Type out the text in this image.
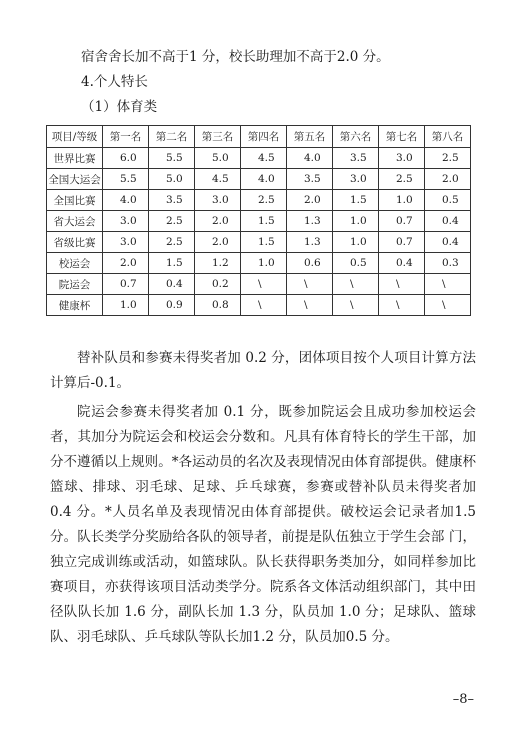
宿舍舍长加不高于1 分，校长助理加不高于2.0 分。
4.个人特长
（1）体育类
项目/等级	第一名	第二名	第三名	第四名	第五名	第六名	第七名	第八名
世界比赛	6.0	5.5	5.0	4.5	4.0	3.5	3.0	2.5
全国大运会	5.5	5.0	4.5	4.0	3.5	3.0	2.5	2.0
全国比赛	4.0	3.5	3.0	2.5	2.0	1.5	1.0	0.5
省大运会	3.0	2.5	2.0	1.5	1.3	1.0	0.7	0.4
省级比赛	3.0	2.5	2.0	1.5	1.3	1.0	0.7	0.4
校运会	2.0	1.5	1.2	1.0	0.6	0.5	0.4	0.3
院运会	0.7	0.4	0.2	\	\	\	\	\
健康杯	1.0	0.9	0.8	\	\	\	\	\

替补队员和参赛未得奖者加 0.2 分，团体项目按个人项目计算方法计算后-0.1。

院运会参赛未得奖者加 0.1 分，既参加院运会且成功参加校运会者，其加分为院运会和校运会分数和。凡具有体育特长的学生干部，加分不遵循以上规则。*各运动员的名次及表现情况由体育部提供。健康杯篮球、排球、羽毛球、足球、乒乓球赛，参赛或替补队员未得奖者加0.4 分。*人员名单及表现情况由体育部提供。破校运会记录者加1.5 分。队长类学分奖励给各队的领导者，前提是队伍独立于学生会部 门，独立完成训练或活动，如篮球队。队长获得职务类加分，如同样参加比赛项目，亦获得该项目活动类学分。院系各文体活动组织部门，其中田径队队长加 1.6 分，副队长加 1.3 分，队员加 1.0 分；足球队、篮球队、羽毛球队、乒乓球队等队长加1.2 分，队员加0.5 分。

–8–
